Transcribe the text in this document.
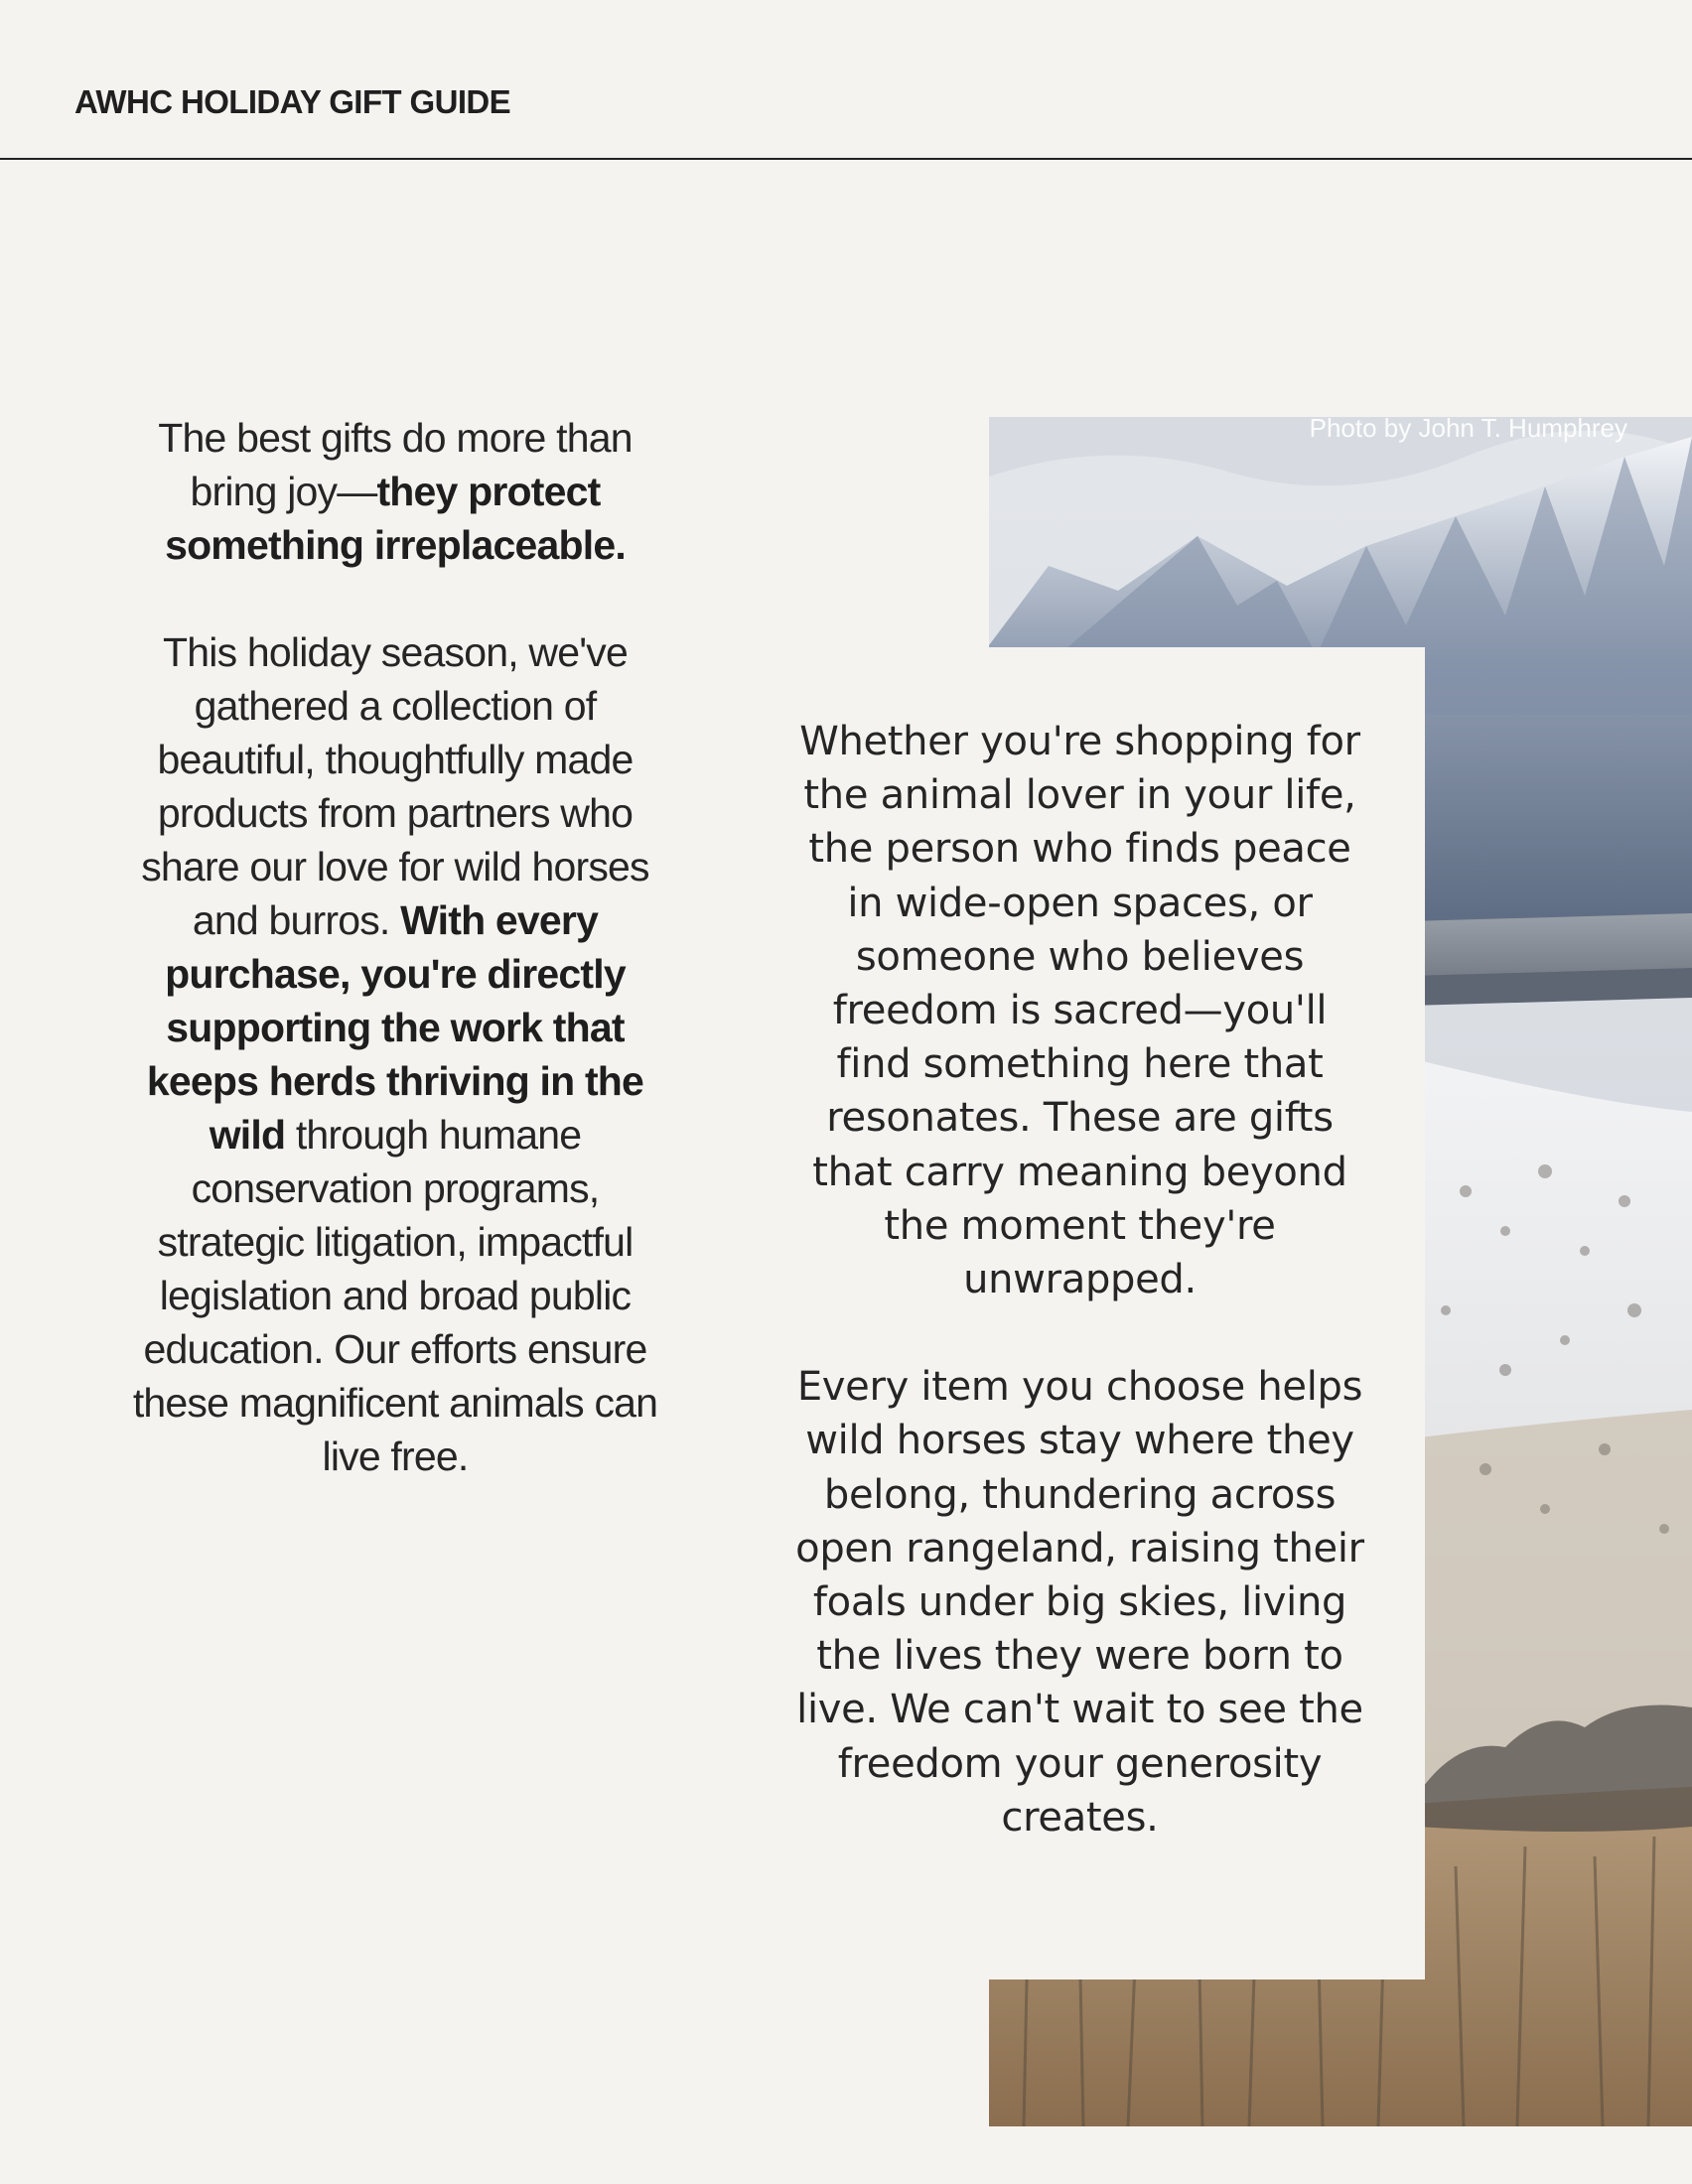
AWHC HOLIDAY GIFT GUIDE

The best gifts do more than bring joy—they protect something irreplaceable.

This holiday season, we've gathered a collection of beautiful, thoughtfully made products from partners who share our love for wild horses and burros. With every purchase, you're directly supporting the work that keeps herds thriving in the wild through humane conservation programs, strategic litigation, impactful legislation and broad public education. Our efforts ensure these magnificent animals can live free.

Photo by John T. Humphrey

Whether you're shopping for the animal lover in your life, the person who finds peace in wide-open spaces, or someone who believes freedom is sacred—you'll find something here that resonates. These are gifts that carry meaning beyond the moment they're unwrapped.

Every item you choose helps wild horses stay where they belong, thundering across open rangeland, raising their foals under big skies, living the lives they were born to live. We can't wait to see the freedom your generosity creates.
